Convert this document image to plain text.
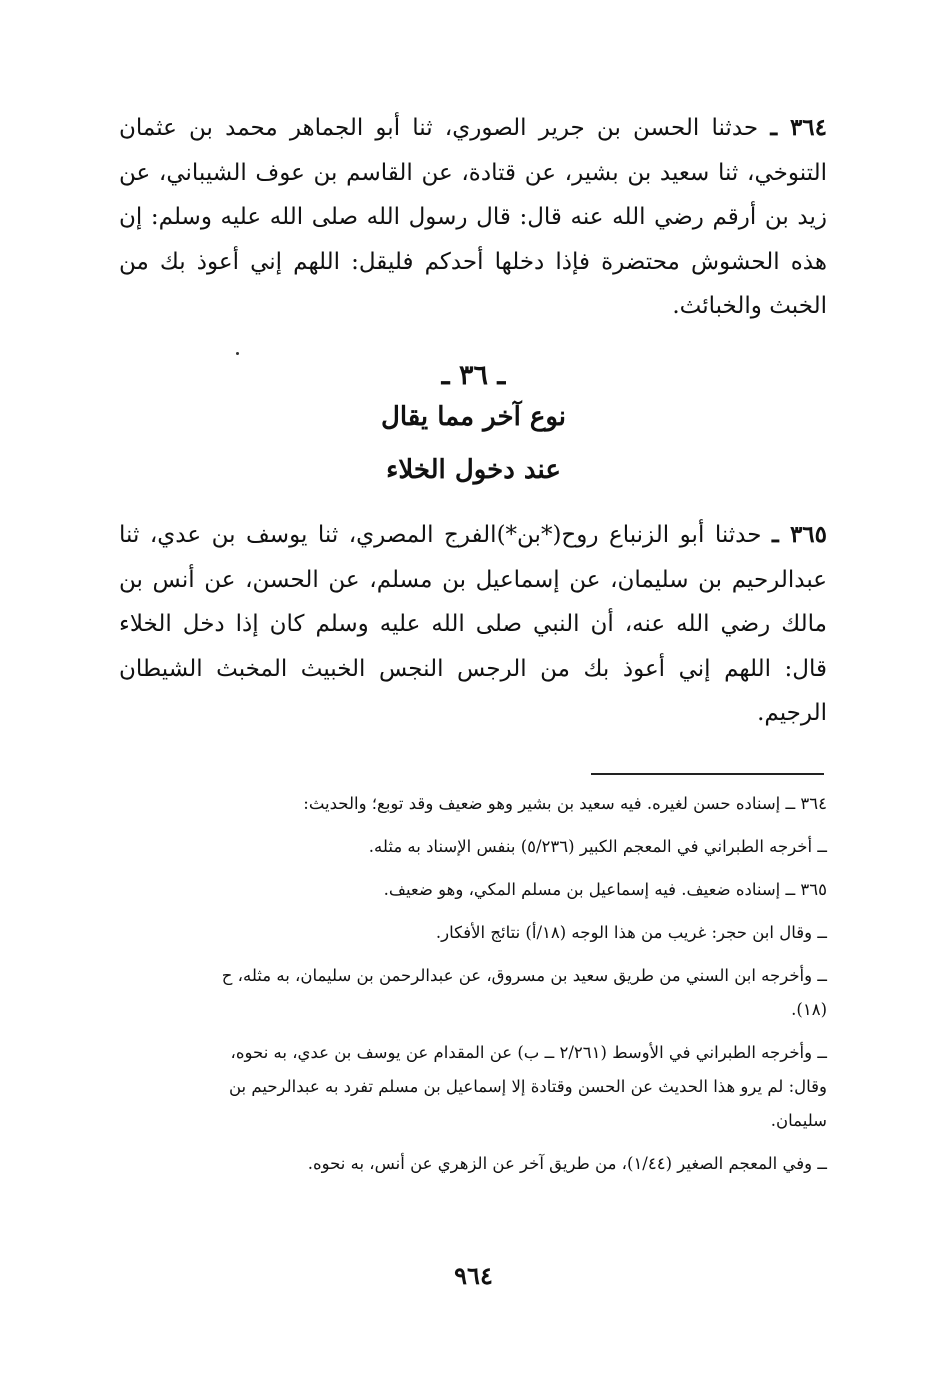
٣٦٤ ـ حدثنا الحسن بن جرير الصوري، ثنا أبو الجماهر محمد بن عثمان التنوخي، ثنا سعيد بن بشير، عن قتادة، عن القاسم بن عوف الشيباني، عن زيد بن أرقم رضي الله عنه قال: قال رسول الله صلى الله عليه وسلم: إن هذه الحشوش محتضرة فإذا دخلها أحدكم فليقل: اللهم إني أعوذ بك من الخبث والخبائث.

ـ ٣٦ ـ
نوع آخر مما يقال
عند دخول الخلاء

٣٦٥ ـ حدثنا أبو الزنباع روح(*بن*)الفرج المصري، ثنا يوسف بن عدي، ثنا عبدالرحيم بن سليمان، عن إسماعيل بن مسلم، عن الحسن، عن أنس بن مالك رضي الله عنه، أن النبي صلى الله عليه وسلم كان إذا دخل الخلاء قال: اللهم إني أعوذ بك من الرجس النجس الخبيث المخبث الشيطان الرجيم.

٣٦٤ ــ إسناده حسن لغيره. فيه سعيد بن بشير وهو ضعيف وقد توبع؛ والحديث:

ــ أخرجه الطبراني في المعجم الكبير (٥/٢٣٦) بنفس الإسناد به مثله.

٣٦٥ ــ إسناده ضعيف. فيه إسماعيل بن مسلم المكي، وهو ضعيف.

ــ وقال ابن حجر: غريب من هذا الوجه (١٨/أ) نتائج الأفكار.

ــ وأخرجه ابن السني من طريق سعيد بن مسروق، عن عبدالرحمن بن سليمان، به مثله، ح (١٨).

ــ وأخرجه الطبراني في الأوسط (٢/٢٦١ ــ ب) عن المقدام عن يوسف بن عدي، به نحوه، وقال: لم يرو هذا الحديث عن الحسن وقتادة إلا إسماعيل بن مسلم تفرد به عبدالرحيم بن سليمان.

ــ وفي المعجم الصغير (١/٤٤)، من طريق آخر عن الزهري عن أنس، به نحوه.

٩٦٤
